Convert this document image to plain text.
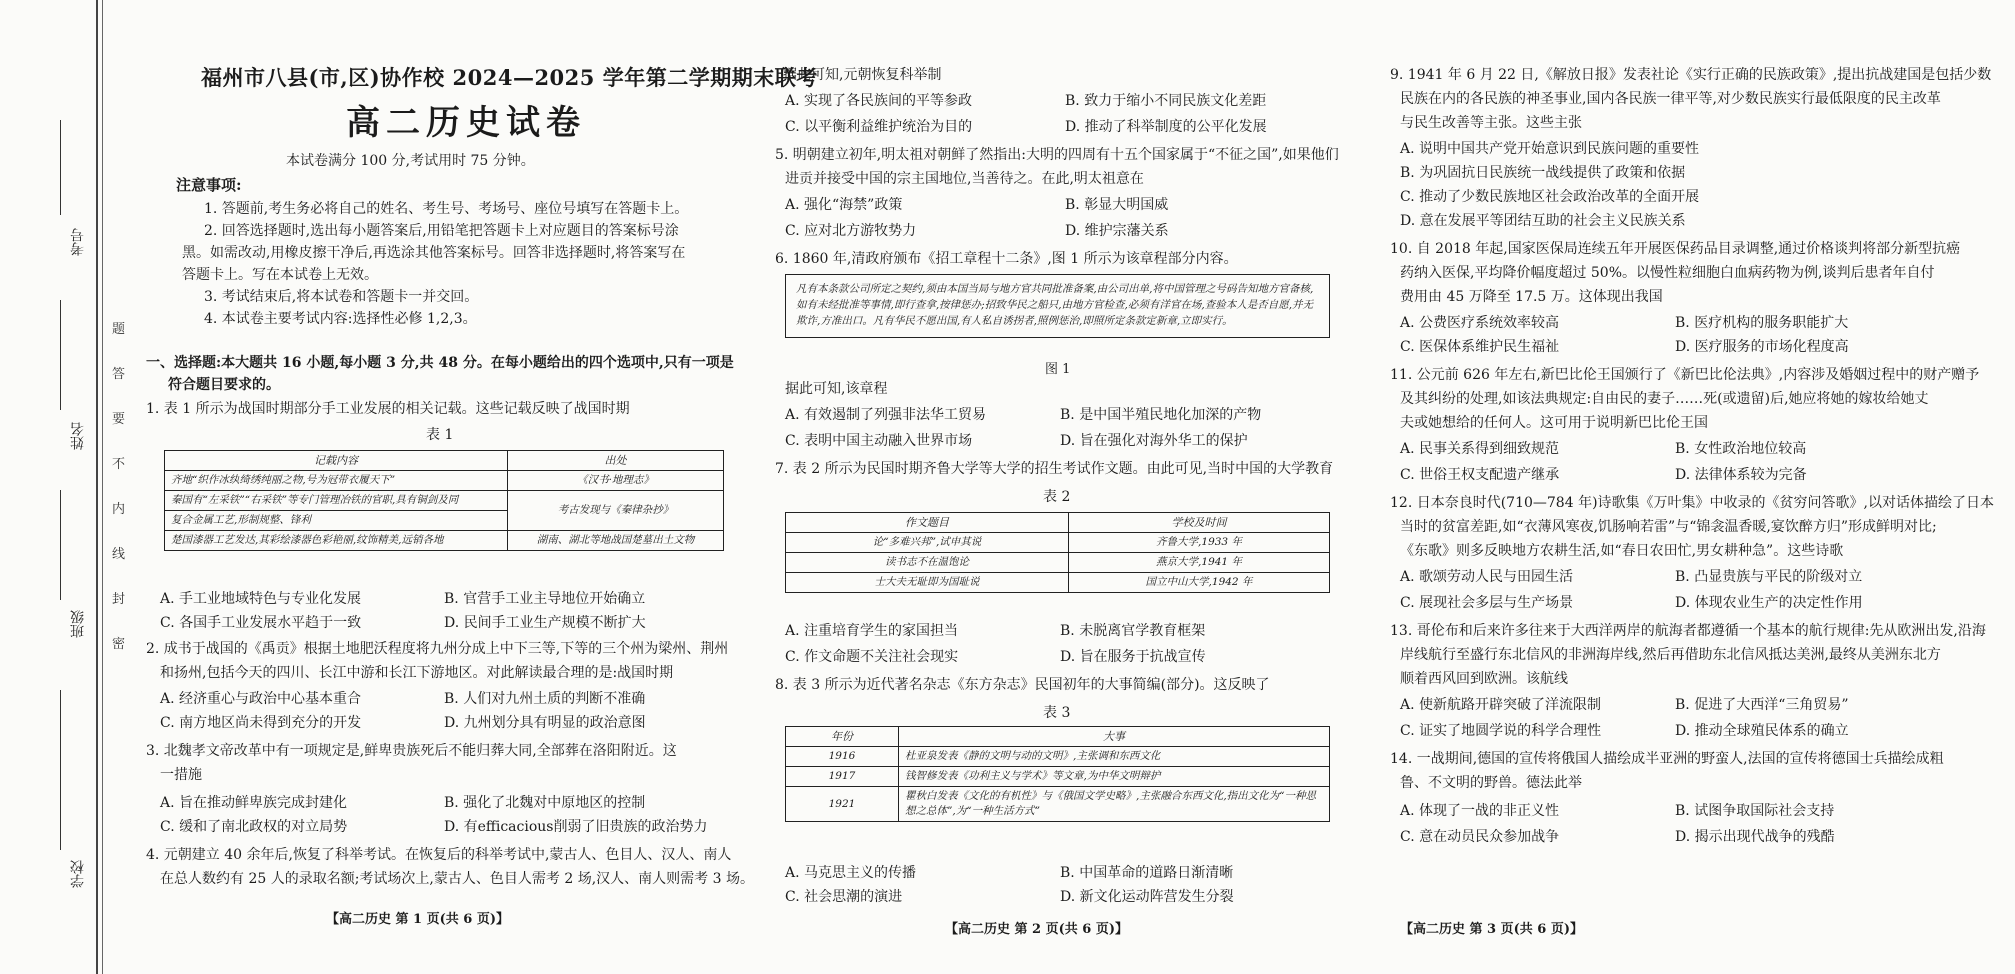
考号
姓名
班级
学校
题
答
要
不
内
线
封
密
福州市八县(市,区)协作校 2024—2025 学年第二学期期末联考
高二历史试卷
本试卷满分 100 分,考试用时 75 分钟。
注意事项:
1. 答题前,考生务必将自己的姓名、考生号、考场号、座位号填写在答题卡上。
2. 回答选择题时,选出每小题答案后,用铅笔把答题卡上对应题目的答案标号涂
黑。如需改动,用橡皮擦干净后,再选涂其他答案标号。回答非选择题时,将答案写在
答题卡上。写在本试卷上无效。
3. 考试结束后,将本试卷和答题卡一并交回。
4. 本试卷主要考试内容:选择性必修 1,2,3。
一、选择题:本大题共 16 小题,每小题 3 分,共 48 分。在每小题给出的四个选项中,只有一项是
符合题目要求的。
1. 表 1 所示为战国时期部分手工业发展的相关记载。这些记载反映了战国时期
表 1
记载内容	出处
齐地“织作冰纨绮绣纯丽之物,号为冠带衣履天下”	《汉书·地理志》
秦国有“左采铁”“右采铁”等专门管理冶铁的官职,具有铜剑及同	考古发现与《秦律杂抄》
复合金属工艺,形制规整、锋利	
楚国漆器工艺发达,其彩绘漆器色彩艳丽,纹饰精美,远销各地	湖南、湖北等地战国楚墓出土文物
A. 手工业地域特色与专业化发展	B. 官营手工业主导地位开始确立
C. 各国手工业发展水平趋于一致	D. 民间手工业生产规模不断扩大
2. 成书于战国的《禹贡》根据土地肥沃程度将九州分成上中下三等,下等的三个州为梁州、荆州
和扬州,包括今天的四川、长江中游和长江下游地区。对此解读最合理的是:战国时期
A. 经济重心与政治中心基本重合	B. 人们对九州土质的判断不准确
C. 南方地区尚未得到充分的开发	D. 九州划分具有明显的政治意图
3. 北魏孝文帝改革中有一项规定是,鲜卑贵族死后不能归葬大同,全部葬在洛阳附近。这
一措施
A. 旨在推动鲜卑族完成封建化	B. 强化了北魏对中原地区的控制
C. 缓和了南北政权的对立局势	D. 有efficacious削弱了旧贵族的政治势力
4. 元朝建立 40 余年后,恢复了科举考试。在恢复后的科举考试中,蒙古人、色目人、汉人、南人
在总人数约有 25 人的录取名额;考试场次上,蒙古人、色目人需考 2 场,汉人、南人则需考 3 场。
【高二历史 第 1 页(共 6 页)】
据此可知,元朝恢复科举制
A. 实现了各民族间的平等参政	B. 致力于缩小不同民族文化差距
C. 以平衡利益维护统治为目的	D. 推动了科举制度的公平化发展
5. 明朝建立初年,明太祖对朝鲜了然指出:大明的四周有十五个国家属于“不征之国”,如果他们
进贡并接受中国的宗主国地位,当善待之。在此,明太祖意在
A. 强化“海禁”政策	B. 彰显大明国威
C. 应对北方游牧势力	D. 维护宗藩关系
6. 1860 年,清政府颁布《招工章程十二条》,图 1 所示为该章程部分内容。
凡有本条款公司所定之契约,须由本国当局与地方官共同批准备案,由公司出单,将中国管理之号码告知地方官备核,如有未经批准等事情,即行查拿,按律惩办;招致华民之船只,由地方官检查,必须有洋官在场,查验本人是否自愿,并无欺诈,方准出口。凡有华民不愿出国,有人私自诱拐者,照例惩治,即照所定条款定新章,立即实行。
图 1
据此可知,该章程
A. 有效遏制了列强非法华工贸易	B. 是中国半殖民地化加深的产物
C. 表明中国主动融入世界市场	D. 旨在强化对海外华工的保护
7. 表 2 所示为民国时期齐鲁大学等大学的招生考试作文题。由此可见,当时中国的大学教育
表 2
作文题目	学校及时间
论“多难兴邦”,试申其说	齐鲁大学,1933 年
读书志不在温饱论	燕京大学,1941 年
士大夫无耻即为国耻说	国立中山大学,1942 年
A. 注重培育学生的家国担当	B. 未脱离官学教育框架
C. 作文命题不关注社会现实	D. 旨在服务于抗战宣传
8. 表 3 所示为近代著名杂志《东方杂志》民国初年的大事简编(部分)。这反映了
表 3
年份	大事
1916	杜亚泉发表《静的文明与动的文明》,主张调和东西文化
1917	钱智修发表《功利主义与学术》等文章,为中华文明辩护
1921	瞿秋白发表《文化的有机性》与《俄国文学史略》,主张融合东西文化,指出文化为“一种思想之总体”,为“一种生活方式”
A. 马克思主义的传播	B. 中国革命的道路日渐清晰
C. 社会思潮的演进	D. 新文化运动阵营发生分裂
【高二历史 第 2 页(共 6 页)】
9. 1941 年 6 月 22 日,《解放日报》发表社论《实行正确的民族政策》,提出抗战建国是包括少数
民族在内的各民族的神圣事业,国内各民族一律平等,对少数民族实行最低限度的民主改革
与民生改善等主张。这些主张
A. 说明中国共产党开始意识到民族问题的重要性
B. 为巩固抗日民族统一战线提供了政策和依据
C. 推动了少数民族地区社会政治改革的全面开展
D. 意在发展平等团结互助的社会主义民族关系
10. 自 2018 年起,国家医保局连续五年开展医保药品目录调整,通过价格谈判将部分新型抗癌
药纳入医保,平均降价幅度超过 50%。以慢性粒细胞白血病药物为例,谈判后患者年自付
费用由 45 万降至 17.5 万。这体现出我国
A. 公费医疗系统效率较高	B. 医疗机构的服务职能扩大
C. 医保体系维护民生福祉	D. 医疗服务的市场化程度高
11. 公元前 626 年左右,新巴比伦王国颁行了《新巴比伦法典》,内容涉及婚姻过程中的财产赠予
及其纠纷的处理,如该法典规定:自由民的妻子……死(或遗留)后,她应将她的嫁妆给她丈
夫或她想给的任何人。这可用于说明新巴比伦王国
A. 民事关系得到细致规范	B. 女性政治地位较高
C. 世俗王权支配遗产继承	D. 法律体系较为完备
12. 日本奈良时代(710—784 年)诗歌集《万叶集》中收录的《贫穷问答歌》,以对话体描绘了日本
当时的贫富差距,如“衣薄风寒夜,饥肠响若雷”与“锦衾温香暖,宴饮醉方归”形成鲜明对比;
《东歌》则多反映地方农耕生活,如“春日农田忙,男女耕种急”。这些诗歌
A. 歌颂劳动人民与田园生活	B. 凸显贵族与平民的阶级对立
C. 展现社会多层与生产场景	D. 体现农业生产的决定性作用
13. 哥伦布和后来许多往来于大西洋两岸的航海者都遵循一个基本的航行规律:先从欧洲出发,沿海
岸线航行至盛行东北信风的非洲海岸线,然后再借助东北信风抵达美洲,最终从美洲东北方
顺着西风回到欧洲。该航线
A. 使新航路开辟突破了洋流限制	B. 促进了大西洋“三角贸易”
C. 证实了地圆学说的科学合理性	D. 推动全球殖民体系的确立
14. 一战期间,德国的宣传将俄国人描绘成半亚洲的野蛮人,法国的宣传将德国士兵描绘成粗
鲁、不文明的野兽。德法此举
A. 体现了一战的非正义性	B. 试图争取国际社会支持
C. 意在动员民众参加战争	D. 揭示出现代战争的残酷
【高二历史 第 3 页(共 6 页)】
